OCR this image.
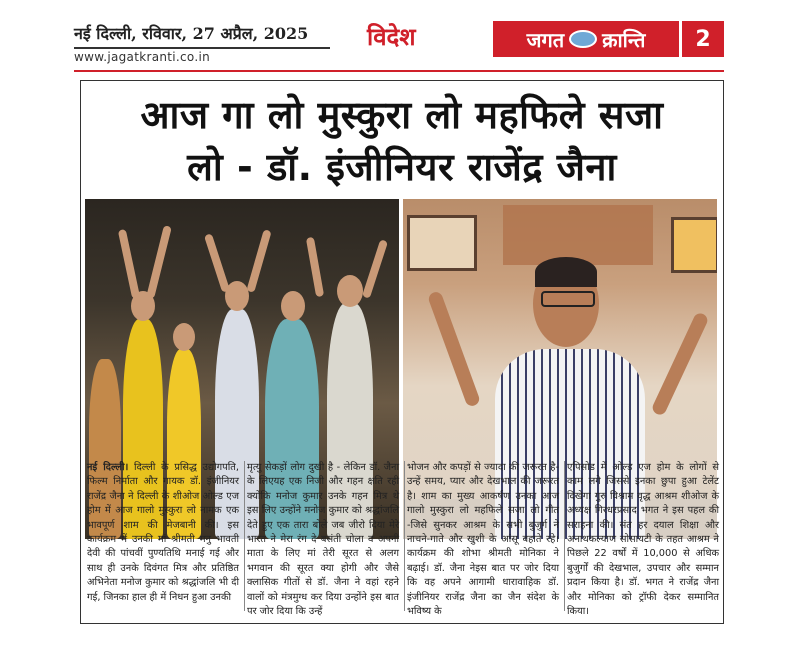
नई दिल्ली, रविवार, 27 अप्रैल, 2025
www.jagatkranti.co.in
विदेश	जगत क्रान्ति	2
आज गा लो मुस्कुरा लो महफिले सजा
लो - डॉ. इंजीनियर राजेंद्र जैना
नई दिल्ली। दिल्ली के प्रसिद्ध उद्योगपति, फिल्म निर्माता और गायक डॉ. इंजीनियर राजेंद्र जैना ने दिल्ली के शीओज ओल्ड एज होम में आज गालो मुस्कुरा लो नामक एक भावपूर्ण शाम की मेजबानी की। इस कार्यक्रम में उनकी मां श्रीमती मनु भावती देवी की पांचवीं पुण्यतिथि मनाई गई और साथ ही उनके दिवंगत मित्र और प्रतिष्ठित अभिनेता मनोज कुमार को श्रद्धांजलि भी दी गई, जिनका हाल ही में निधन हुआ उनकी
मृत्यु सेकड़ों लोग दुखी है - लेकिन डॉ. जैना के लिएयह एक निजी और गहन क्षति रही क्योंकि मनोज कुमार उनके गहन मित्र थे इस लिए उन्होंने मनोज कुमार को श्रद्धांजलि देते हुए एक तारा बोले जब जीरो दिया मेरे भारत ने मेरा रंग दे बसंती चोला व अपनी माता के लिए मां तेरी सूरत से अलग भगवान की सूरत क्या होगी और जैसे क्लासिक गीतों से डॉ. जैना ने वहां रहने वालों को मंत्रमुग्ध कर दिया उन्होंने इस बात पर जोर दिया कि उन्हें
भोजन और कपड़ों से ज्यादा की जरूरत है- उन्हें समय, प्यार और देखभाल की जरूरत है। शाम का मुख्य आकर्षण उनका आज गालो मुस्कुरा लो महफिले सजा लो गीत -जिसे सुनकर आश्रम के सभी बुजुर्ग ने नाचने-गाते और खुशी के आंसू बहाते रहे। कार्यक्रम की शोभा श्रीमती मोनिका ने बढ़ाई। डॉ. जैना नेइस बात पर जोर दिया कि वह अपने आगामी धारावाहिक डॉ. इंजीनियर राजेंद्र जैना का जैन संदेश के भविष्य के
एपिसोड में ओल्ड एज होम के लोगों से काम लगे जिससे इनका छुपा हुआ टेलेंट दिखेगा गुरु विश्राम वृद्ध आश्रम शीओज के अध्यक्ष गिरधरप्रसाद भगत ने इस पहल की सराहना की। संत हर दयाल शिक्षा और अनाथकल्याण सोसायटी के तहत आश्रम ने पिछले 22 वर्षों में 10,000 से अधिक बुजुर्गों की देखभाल, उपचार और सम्मान प्रदान किया है। डॉ. भगत ने राजेंद्र जैना और मोनिका को ट्रॉफी देकर सम्मानित किया।
